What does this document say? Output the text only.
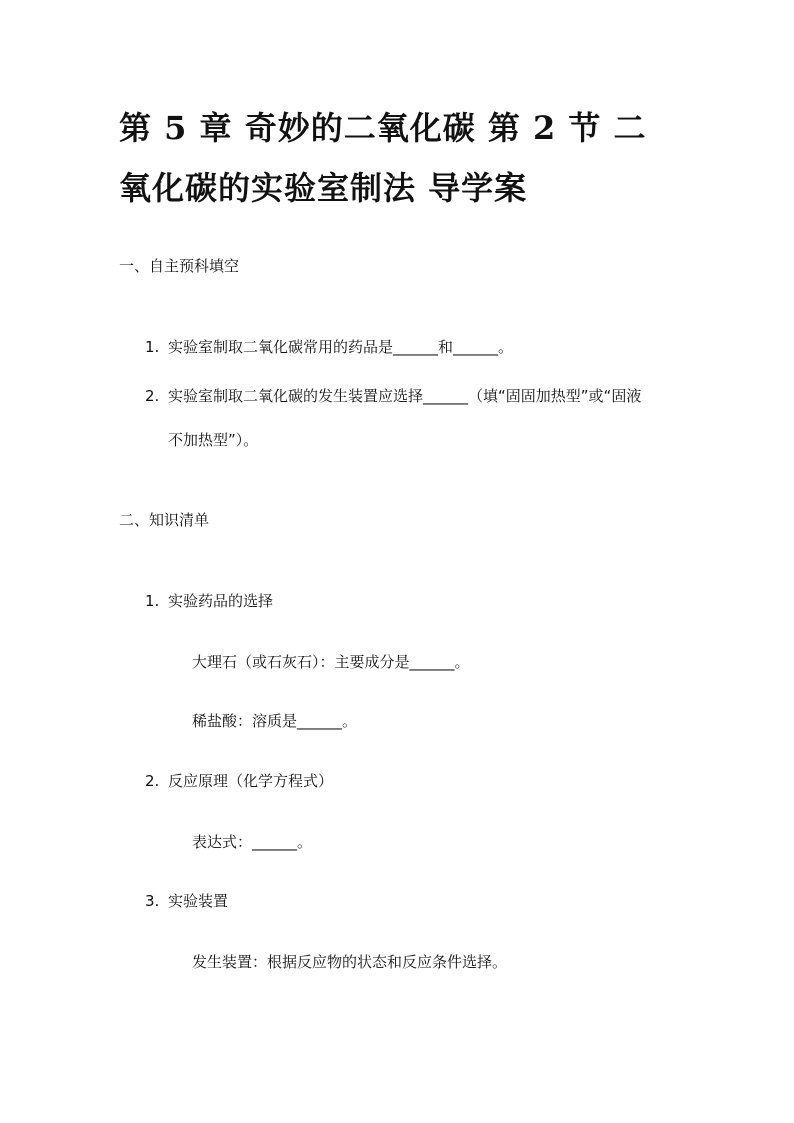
第 5 章 奇妙的二氧化碳 第 2 节 二
氧化碳的实验室制法 导学案
一、自主预科填空
1. 实验室制取二氧化碳常用的药品是______和______。
2. 实验室制取二氧化碳的发生装置应选择______（填“固固加热型”或“固液
不加热型”）。
二、知识清单
1. 实验药品的选择
大理石（或石灰石）：主要成分是______。
稀盐酸：溶质是______。
2. 反应原理（化学方程式）
表达式：______。
3. 实验装置
发生装置：根据反应物的状态和反应条件选择。
